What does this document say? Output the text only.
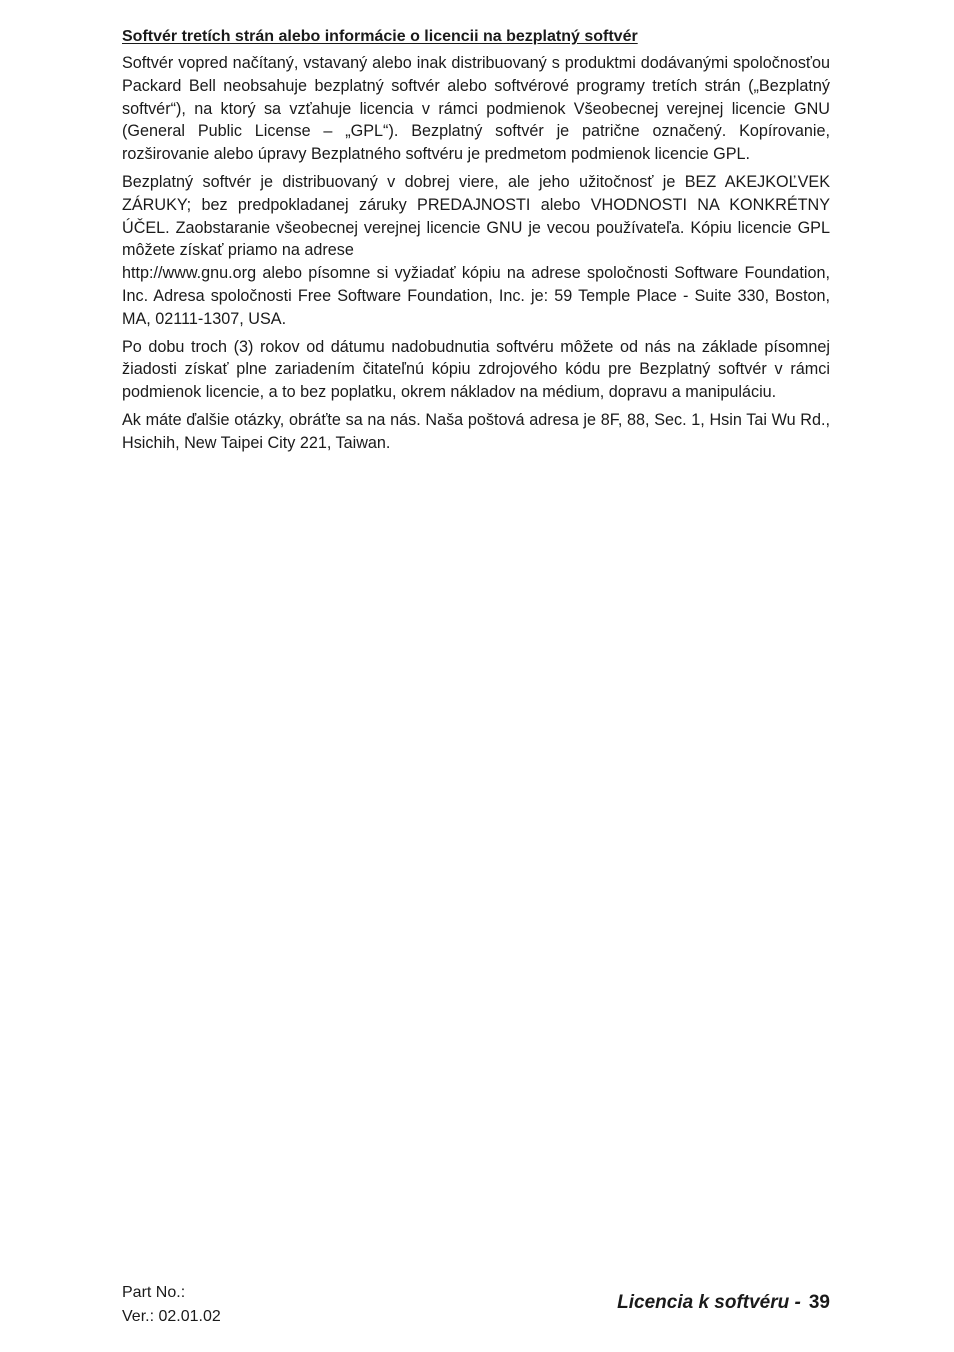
Softvér tretích strán alebo informácie o licencii na bezplatný softvér

Softvér vopred načítaný, vstavaný alebo inak distribuovaný s produktmi dodávanými spoločnosťou Packard Bell neobsahuje bezplatný softvér alebo softvérové programy tretích strán („Bezplatný softvér“), na ktorý sa vzťahuje licencia v rámci podmienok Všeobecnej verejnej licencie GNU (General Public License – „GPL“). Bezplatný softvér je patrične označený. Kopírovanie, rozširovanie alebo úpravy Bezplatného softvéru je predmetom podmienok licencie GPL.

Bezplatný softvér je distribuovaný v dobrej viere, ale jeho užitočnosť je BEZ AKEJKOĽVEK ZÁRUKY; bez predpokladanej záruky PREDAJNOSTI alebo VHODNOSTI NA KONKRÉTNY ÚČEL. Zaobstaranie všeobecnej verejnej licencie GNU je vecou používateľa. Kópiu licencie GPL môžete získať priamo na adrese

http://www.gnu.org alebo písomne si vyžiadať kópiu na adrese spoločnosti Software Foundation, Inc. Adresa spoločnosti Free Software Foundation, Inc. je: 59 Temple Place - Suite 330, Boston, MA, 02111-1307, USA.

Po dobu troch (3) rokov od dátumu nadobudnutia softvéru môžete od nás na základe písomnej žiadosti získať plne zariadením čitateľnú kópiu zdrojového kódu pre Bezplatný softvér v rámci podmienok licencie, a to bez poplatku, okrem nákladov na médium, dopravu a manipuláciu.

Ak máte ďalšie otázky, obráťte sa na nás. Naša poštová adresa je 8F, 88, Sec. 1, Hsin Tai Wu Rd., Hsichih, New Taipei City 221, Taiwan.

Part No.:
Ver.: 02.01.02
Licencia k softvéru - 39
